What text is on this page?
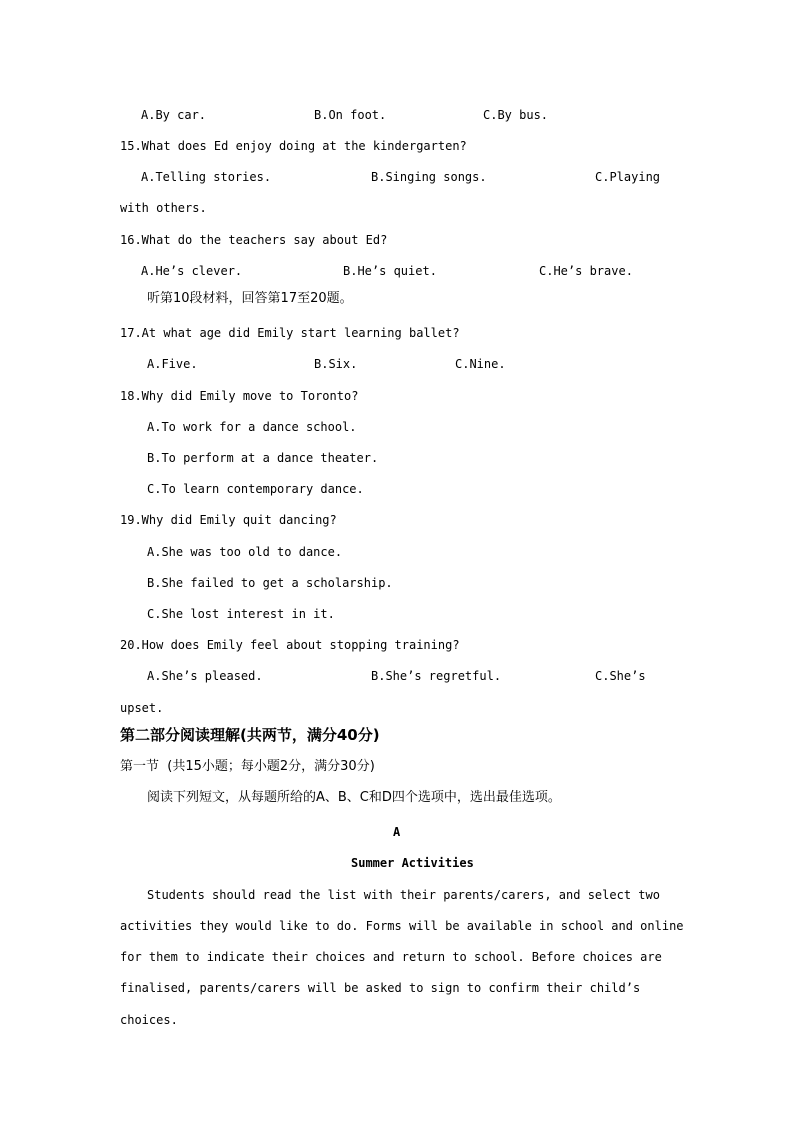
A.By car.	B.On foot.	C.By bus.
15.What does Ed enjoy doing at the kindergarten?
A.Telling stories.	B.Singing songs.	C.Playing
with others.
16.What do the teachers say about Ed?
A.He’s clever.	B.He’s quiet.	C.He’s brave.
听第10段材料，回答第17至20题。
17.At what age did Emily start learning ballet?
A.Five.	B.Six.	C.Nine.
18.Why did Emily move to Toronto?
A.To work for a dance school.
B.To perform at a dance theater.
C.To learn contemporary dance.
19.Why did Emily quit dancing?
A.She was too old to dance.
B.She failed to get a scholarship.
C.She lost interest in it.
20.How does Emily feel about stopping training?
A.She’s pleased.	B.She’s regretful.	C.She’s
upset.
第二部分阅读理解(共两节，满分40分)
第一节  (共15小题；每小题2分，满分30分)
阅读下列短文，从每题所给的A、B、C和D四个选项中，选出最佳选项。
A
Summer Activities
Students should read the list with their parents/carers, and select two
activities they would like to do. Forms will be available in school and online
for them to indicate their choices and return to school. Before choices are
finalised, parents/carers will be asked to sign to confirm their child’s
choices.
